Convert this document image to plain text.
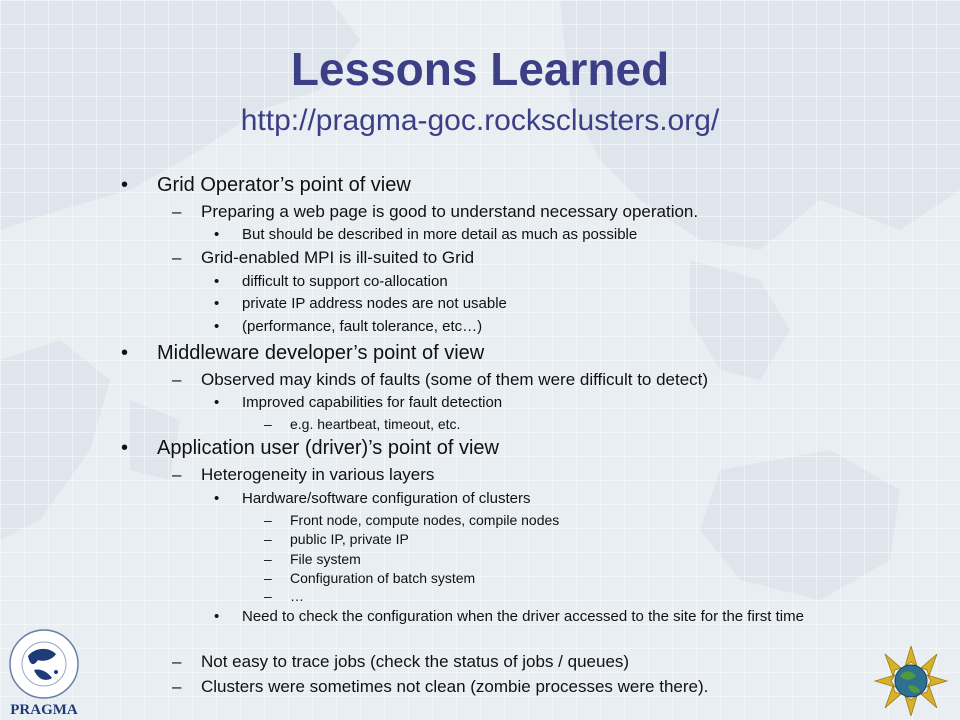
Lessons Learned
http://pragma-goc.rocksclusters.org/
• Grid Operator’s point of view
– Preparing a web page is good to understand necessary operation.
• But should be described in more detail as much as possible
– Grid-enabled MPI is ill-suited to Grid
• difficult to support co-allocation
• private IP address nodes are not usable
• (performance, fault tolerance, etc…)
• Middleware developer’s point of view
– Observed may kinds of faults (some of them were difficult to detect)
• Improved capabilities for fault detection
– e.g. heartbeat, timeout, etc.
• Application user (driver)’s point of view
– Heterogeneity in various layers
• Hardware/software configuration of clusters
– Front node, compute nodes, compile nodes
– public IP, private IP
– File system
– Configuration of batch system
– …
• Need to check the configuration when the driver accessed to the site for the first time
– Not easy to trace jobs (check the status of jobs / queues)
– Clusters were sometimes not clean (zombie processes were there).
PRAGMA
